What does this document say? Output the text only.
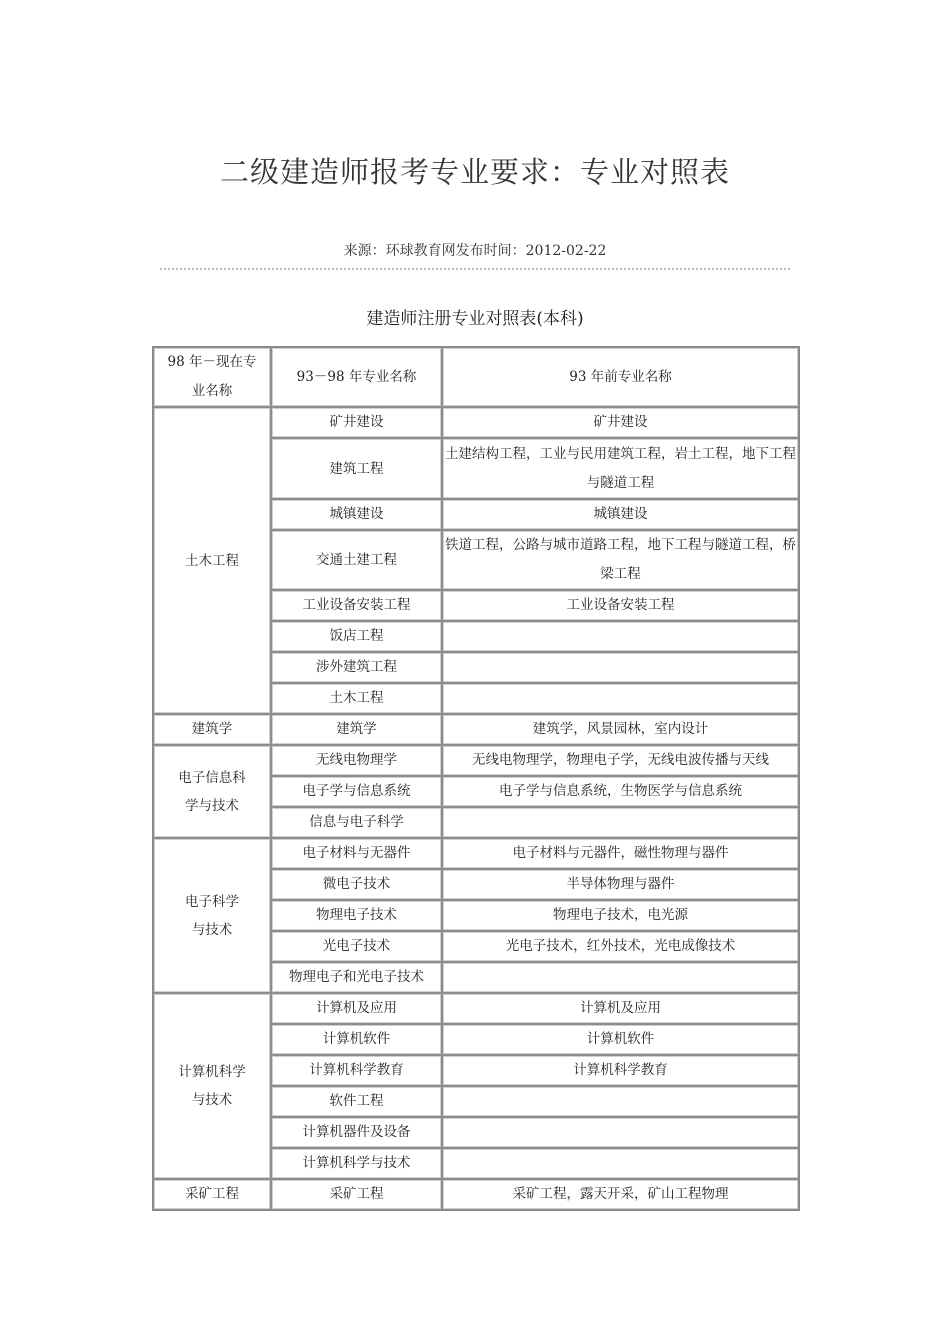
二级建造师报考专业要求：专业对照表
来源：环球教育网发布时间：2012-02-22
建造师注册专业对照表(本科)
98 年－现在专业名称	93－98 年专业名称	93 年前专业名称
土木工程	矿井建设	矿井建设
	建筑工程	土建结构工程，工业与民用建筑工程，岩土工程，地下工程与隧道工程
	城镇建设	城镇建设
	交通土建工程	铁道工程，公路与城市道路工程，地下工程与隧道工程，桥梁工程
	工业设备安装工程	工业设备安装工程
	饭店工程	
	涉外建筑工程	
	土木工程	
建筑学	建筑学	建筑学，风景园林，室内设计
电子信息科学与技术	无线电物理学	无线电物理学，物理电子学，无线电波传播与天线
	电子学与信息系统	电子学与信息系统，生物医学与信息系统
	信息与电子科学	
电子科学与技术	电子材料与无器件	电子材料与元器件，磁性物理与器件
	微电子技术	半导体物理与器件
	物理电子技术	物理电子技术，电光源
	光电子技术	光电子技术，红外技术，光电成像技术
	物理电子和光电子技术	
计算机科学与技术	计算机及应用	计算机及应用
	计算机软件	计算机软件
	计算机科学教育	计算机科学教育
	软件工程	
	计算机器件及设备	
	计算机科学与技术	
采矿工程	采矿工程	采矿工程，露天开采，矿山工程物理
